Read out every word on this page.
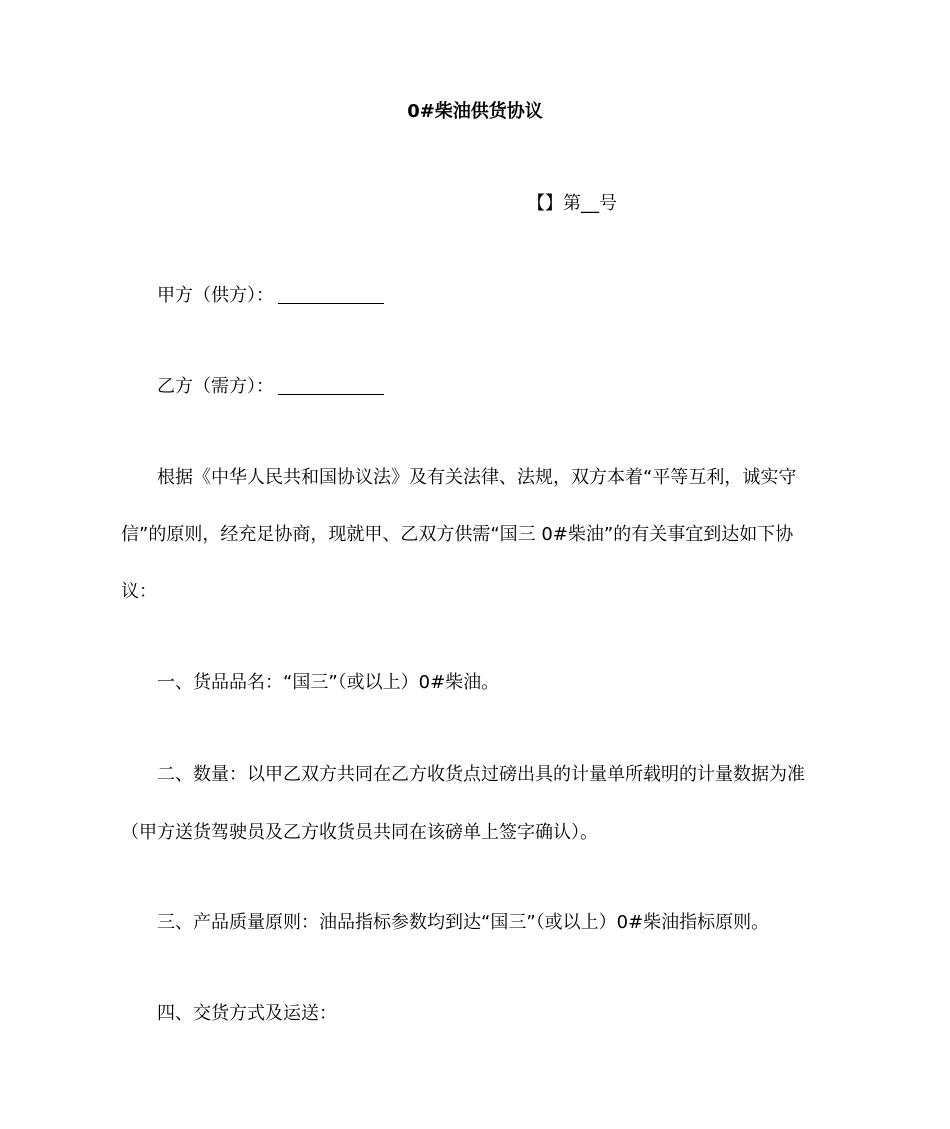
0#柴油供货协议
【】第__号
甲方（供方）：
乙方（需方）：
根据《中华人民共和国协议法》及有关法律、法规，双方本着“平等互利，诚实守
信”的原则，经充足协商，现就甲、乙双方供需“国三 0#柴油”的有关事宜到达如下协
议：
一、货品品名：“国三”（或以上）0#柴油。
二、数量：以甲乙双方共同在乙方收货点过磅出具的计量单所载明的计量数据为准
（甲方送货驾驶员及乙方收货员共同在该磅单上签字确认）。
三、产品质量原则：油品指标参数均到达“国三”（或以上）0#柴油指标原则。
四、交货方式及运送：
